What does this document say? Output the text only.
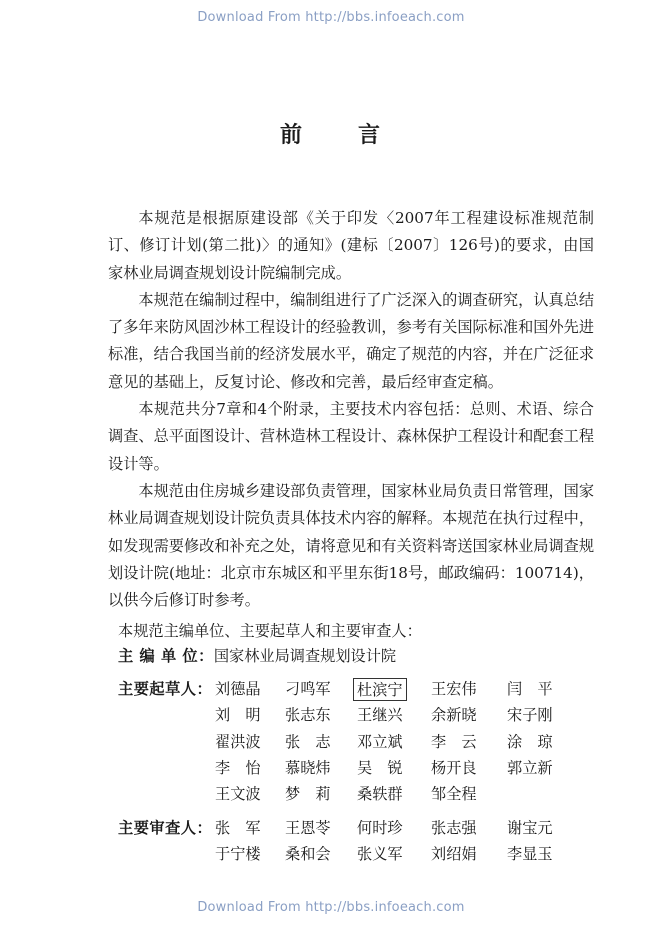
Download From http://bbs.infoeach.com
前 言

本规范是根据原建设部《关于印发〈2007年工程建设标准规范制订、修订计划(第二批)〉的通知》(建标〔2007〕126号)的要求，由国家林业局调查规划设计院编制完成。

本规范在编制过程中，编制组进行了广泛深入的调查研究，认真总结了多年来防风固沙林工程设计的经验教训，参考有关国际标准和国外先进标准，结合我国当前的经济发展水平，确定了规范的内容，并在广泛征求意见的基础上，反复讨论、修改和完善，最后经审查定稿。

本规范共分7章和4个附录，主要技术内容包括：总则、术语、综合调查、总平面图设计、营林造林工程设计、森林保护工程设计和配套工程设计等。

本规范由住房城乡建设部负责管理，国家林业局负责日常管理，国家林业局调查规划设计院负责具体技术内容的解释。本规范在执行过程中，如发现需要修改和补充之处，请将意见和有关资料寄送国家林业局调查规划设计院(地址：北京市东城区和平里东街18号，邮政编码：100714)，以供今后修订时参考。

本规范主编单位、主要起草人和主要审查人：
主 编 单 位：国家林业局调查规划设计院
主要起草人： 刘德晶 刁鸣军 杜滨宁 王宏伟 闫　平
刘　明 张志东 王继兴 余新晓 宋子刚
翟洪波 张　志 邓立斌 李　云 涂　琼
李　怡 慕晓炜 吴　锐 杨开良 郭立新
王文波 梦　莉 桑轶群 邹全程
主要审查人： 张　军 王恩苓 何时珍 张志强 谢宝元
于宁楼 桑和会 张义军 刘绍娟 李显玉
Download From http://bbs.infoeach.com
